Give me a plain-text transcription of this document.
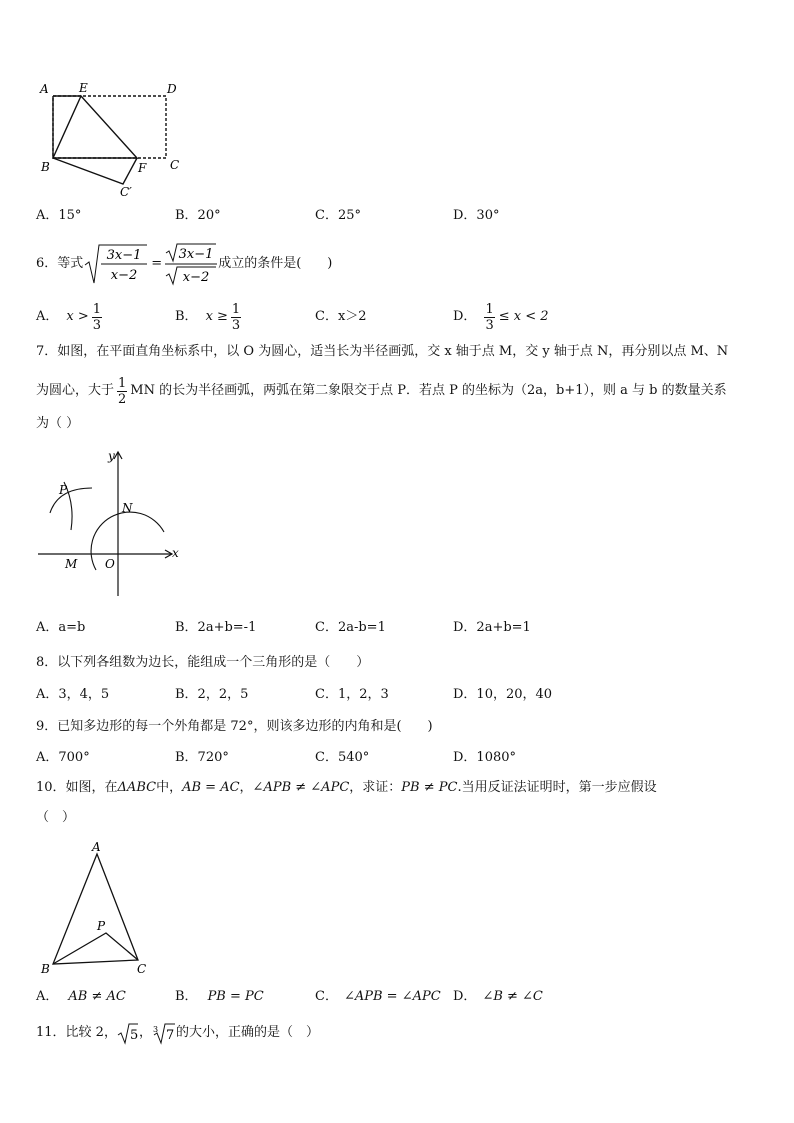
A	E	D
B	F C
C′
A．15°	B．20°	C．25°	D．30°
6．等式
3x−1
x−2
=
3x−1
x−2
成立的条件是(　　)
A． $x > \frac{1}{3}$	B． $x \ge \frac{1}{3}$	C．x＞2	D． $\frac{1}{3} \le x < 2$
7．如图，在平面直角坐标系中，以 O 为圆心，适当长为半径画弧，交 x 轴于点 M，交 y 轴于点 N，再分别以点 M、N
为圆心，大于 $\frac{1}{2}$ MN 的长为半径画弧，两弧在第二象限交于点 P．若点 P 的坐标为（2a，b+1），则 a 与 b 的数量关系
为（ ）
y
x
P
N
M O
A．a=b	B．2a+b=-1	C．2a-b=1	D．2a+b=1
8．以下列各组数为边长，能组成一个三角形的是（　　）
A．3，4，5	B．2，2，5	C．1，2，3	D．10，20，40
9．已知多边形的每一个外角都是 72°，则该多边形的内角和是(　　)
A．700°	B．720°	C．540°	D．1080°
10．如图，在ΔABC中，AB = AC，∠APB ≠ ∠APC，求证：PB ≠ PC.当用反证法证明时，第一步应假设
（　）
A
B	C
P
A． AB ≠ AC	B． PB = PC	C． ∠APB = ∠APC D． ∠B ≠ ∠C
11．比较 2， 5 ， 3 7 的大小，正确的是（　）
